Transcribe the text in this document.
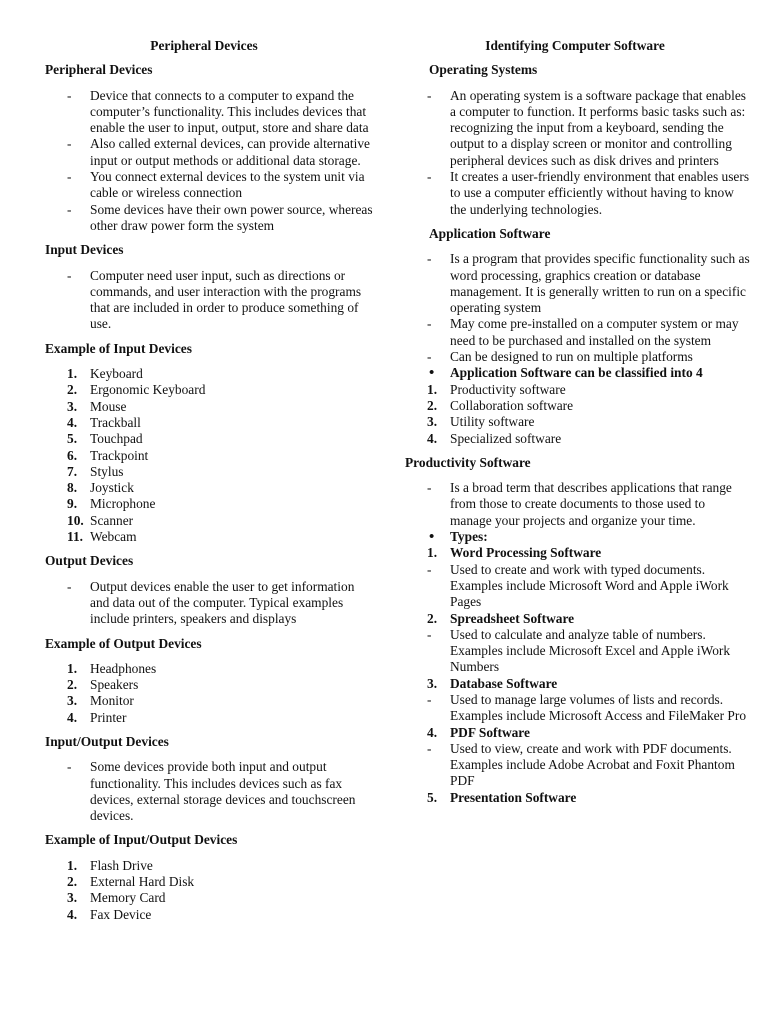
Peripheral Devices
Peripheral Devices
- Device that connects to a computer to expand the computer’s functionality. This includes devices that enable the user to input, output, store and share data
- Also called external devices, can provide alternative input or output methods or additional data storage.
- You connect external devices to the system unit via cable or wireless connection
- Some devices have their own power source, whereas other draw power form the system
Input Devices
- Computer need user input, such as directions or commands, and user interaction with the programs that are included in order to produce something of use.
Example of Input Devices
1. Keyboard
2. Ergonomic Keyboard
3. Mouse
4. Trackball
5. Touchpad
6. Trackpoint
7. Stylus
8. Joystick
9. Microphone
10. Scanner
11. Webcam
Output Devices
- Output devices enable the user to get information and data out of the computer. Typical examples include printers, speakers and displays
Example of Output Devices
1. Headphones
2. Speakers
3. Monitor
4. Printer
Input/Output Devices
- Some devices provide both input and output functionality. This includes devices such as fax devices, external storage devices and touchscreen devices.
Example of Input/Output Devices
1. Flash Drive
2. External Hard Disk
3. Memory Card
4. Fax Device
Identifying Computer Software
Operating Systems
- An operating system is a software package that enables a computer to function. It performs basic tasks such as: recognizing the input from a keyboard, sending the output to a display screen or monitor and controlling peripheral devices such as disk drives and printers
- It creates a user-friendly environment that enables users to use a computer efficiently without having to know the underlying technologies.
Application Software
- Is a program that provides specific functionality such as word processing, graphics creation or database management. It is generally written to run on a specific operating system
- May come pre-installed on a computer system or may need to be purchased and installed on the system
- Can be designed to run on multiple platforms
• Application Software can be classified into 4
1. Productivity software
2. Collaboration software
3. Utility software
4. Specialized software
Productivity Software
- Is a broad term that describes applications that range from those to create documents to those used to manage your projects and organize your time.
• Types:
1. Word Processing Software
- Used to create and work with typed documents. Examples include Microsoft Word and Apple iWork Pages
2. Spreadsheet Software
- Used to calculate and analyze table of numbers. Examples include Microsoft Excel and Apple iWork Numbers
3. Database Software
- Used to manage large volumes of lists and records. Examples include Microsoft Access and FileMaker Pro
4. PDF Software
- Used to view, create and work with PDF documents. Examples include Adobe Acrobat and Foxit Phantom PDF
5. Presentation Software
